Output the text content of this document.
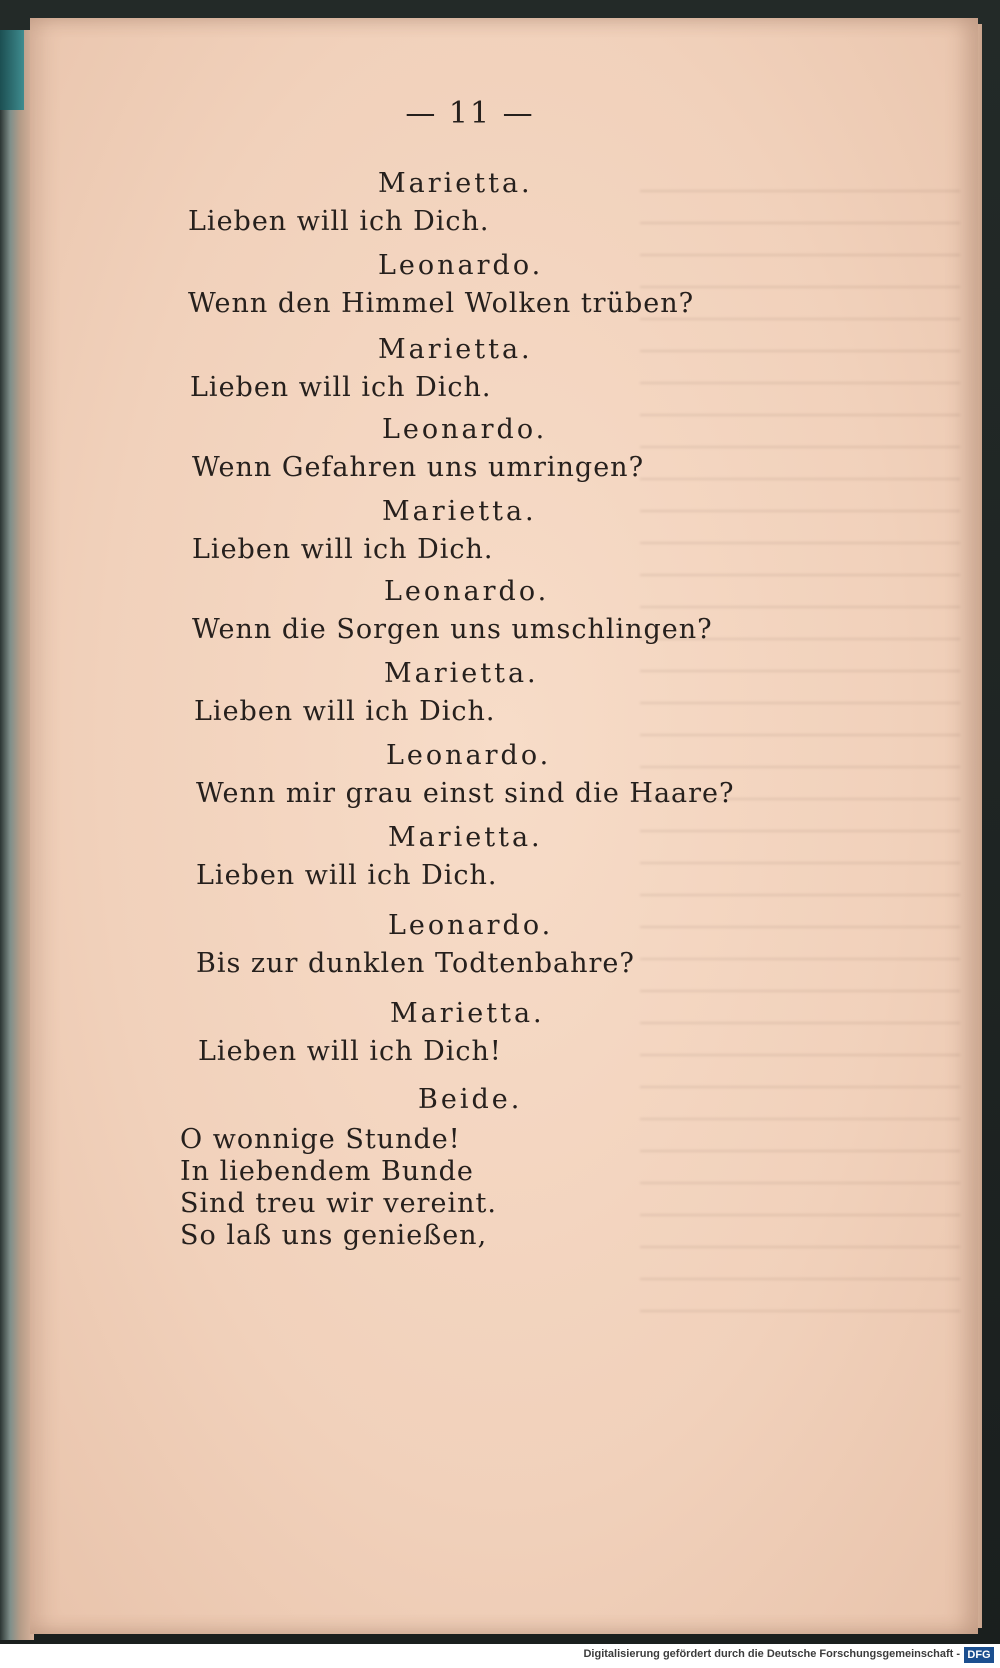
— 11 —
Marietta.
Lieben will ich Dich.
Leonardo.
Wenn den Himmel Wolken trüben?
Marietta.
Lieben will ich Dich.
Leonardo.
Wenn Gefahren uns umringen?
Marietta.
Lieben will ich Dich.
Leonardo.
Wenn die Sorgen uns umschlingen?
Marietta.
Lieben will ich Dich.
Leonardo.
Wenn mir grau einst sind die Haare?
Marietta.
Lieben will ich Dich.
Leonardo.
Bis zur dunklen Todtenbahre?
Marietta.
Lieben will ich Dich!
Beide.
O wonnige Stunde!
In liebendem Bunde
Sind treu wir vereint.
So laß uns genießen,
Digitalisierung gefördert durch die Deutsche Forschungsgemeinschaft - DFG
